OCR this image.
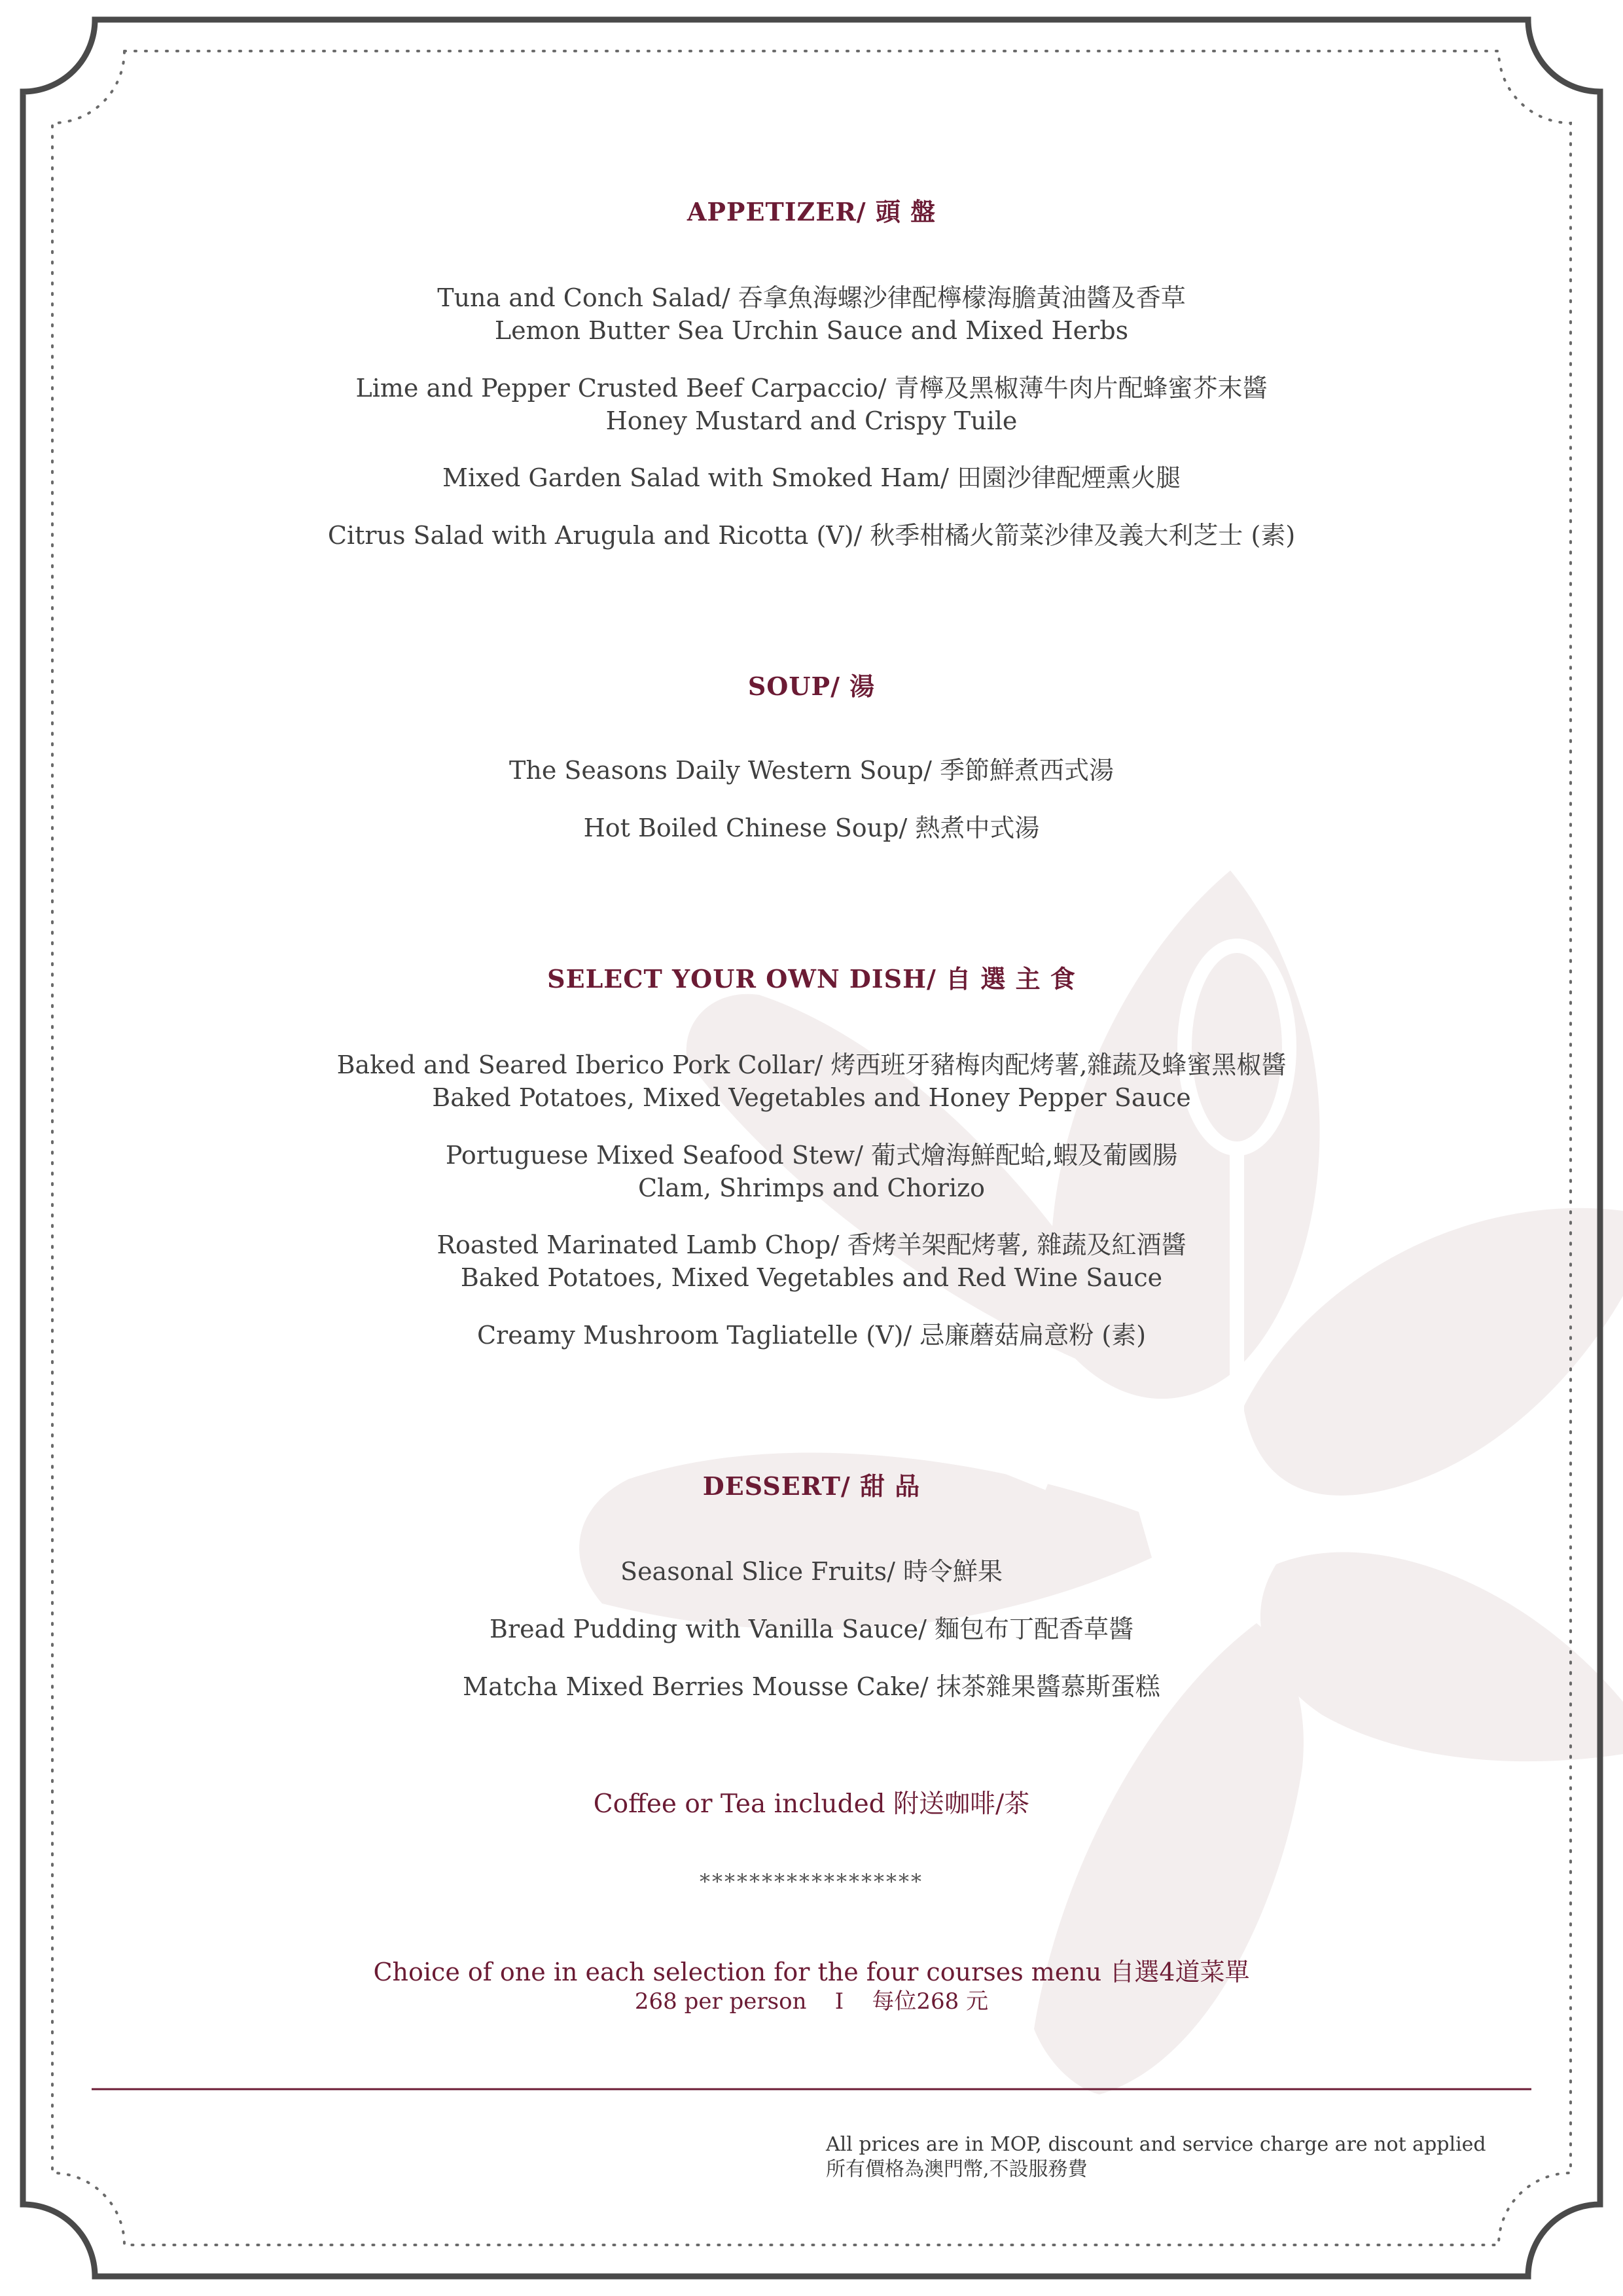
APPETIZER/ 頭 盤
Tuna and Conch Salad/ 吞拿魚海螺沙律配檸檬海膽黃油醬及香草
Lemon Butter Sea Urchin Sauce and Mixed Herbs
Lime and Pepper Crusted Beef Carpaccio/ 青檸及黑椒薄牛肉片配蜂蜜芥末醬
Honey Mustard and Crispy Tuile
Mixed Garden Salad with Smoked Ham/ 田園沙律配煙熏火腿
Citrus Salad with Arugula and Ricotta (V)/ 秋季柑橘火箭菜沙律及義大利芝士 (素)
SOUP/ 湯
The Seasons Daily Western Soup/ 季節鮮煮西式湯
Hot Boiled Chinese Soup/ 熱煮中式湯
SELECT YOUR OWN DISH/ 自 選 主 食
Baked and Seared Iberico Pork Collar/ 烤西班牙豬梅肉配烤薯,雜蔬及蜂蜜黑椒醬
Baked Potatoes, Mixed Vegetables and Honey Pepper Sauce
Portuguese Mixed Seafood Stew/ 葡式燴海鮮配蛤,蝦及葡國腸
Clam, Shrimps and Chorizo
Roasted Marinated Lamb Chop/ 香烤羊架配烤薯, 雜蔬及紅酒醬
Baked Potatoes, Mixed Vegetables and Red Wine Sauce
Creamy Mushroom Tagliatelle (V)/ 忌廉蘑菇扁意粉 (素)
DESSERT/ 甜 品
Seasonal Slice Fruits/ 時令鮮果
Bread Pudding with Vanilla Sauce/ 麵包布丁配香草醬
Matcha Mixed Berries Mousse Cake/ 抹茶雜果醬慕斯蛋糕
Coffee or Tea included 附送咖啡/茶
******************
Choice of one in each selection for the four courses menu 自選4道菜單
268 per person    I    每位268 元
All prices are in MOP, discount and service charge are not applied
所有價格為澳門幣,不設服務費
